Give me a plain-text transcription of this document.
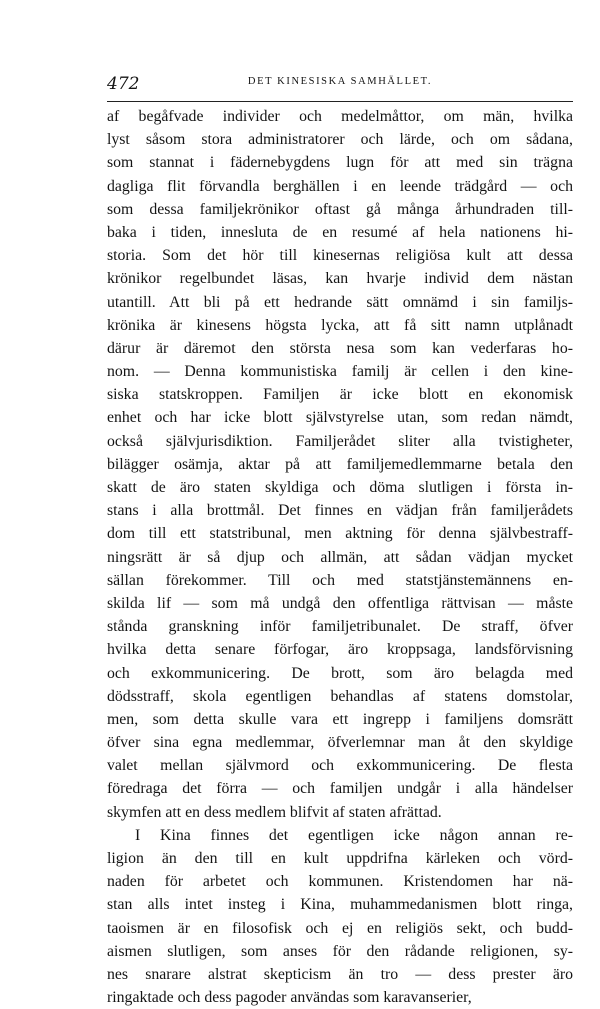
472	DET KINESISKA SAMHÄLLET.
af begåfvade individer och medelmåttor, om män, hvilka
lyst såsom stora administratorer och lärde, och om sådana,
som stannat i fädernebygdens lugn för att med sin trägna
dagliga flit förvandla berghällen i en leende trädgård — och
som dessa familjekrönikor oftast gå många århundraden till-
baka i tiden, inneslutа de en resumé af hela nationens hi-
storia. Som det hör till kinesernas religiösa kult att dessa
krönikor regelbundet läsas, kan hvarje individ dem nästan
utantill. Att bli på ett hedrande sätt omnämd i sin familjs-
krönika är kinesens högsta lycka, att få sitt namn utplånadt
därur är däremot den största nesa som kan vederfaras ho-
nom. — Denna kommunistiska familj är cellen i den kine-
siska statskroppen. Familjen är icke blott en ekonomisk
enhet och har icke blott självstyrelse utan, som redan nämdt,
också självjurisdiktion. Familjerådet sliter alla tvistigheter,
bilägger osämja, aktar på att familjemedlemmarne betala den
skatt de äro staten skyldiga och döma slutligen i första in-
stans i alla brottmål. Det finnes en vädjan från familjerådets
dom till ett statstribunal, men aktning för denna självbestraff-
ningsrätt är så djup och allmän, att sådan vädjan mycket
sällan förekommer. Till och med statstjänstemännens en-
skilda lif — som må undgå den offentliga rättvisan — måste
stånda granskning inför familjetribunalet. De straff, öfver
hvilka detta senare förfogar, äro kroppsaga, landsförvisning
och exkommunicering. De brott, som äro belagda med
dödsstraff, skola egentligen behandlas af statens domstolar,
men, som detta skulle vara ett ingrepp i familjens domsrätt
öfver sina egna medlemmar, öfverlemnar man åt den skyldige
valet mellan självmord och exkommunicering. De flesta
föredraga det förra — och familjen undgår i alla händelser
skymfen att en dess medlem blifvit af staten afrättad.
I Kina finnes det egentligen icke någon annan re-
ligion än den till en kult uppdrifna kärleken och vörd-
naden för arbetet och kommunen. Kristendomen har nä-
stan alls intet insteg i Kina, muhammedanismen blott ringa,
taoismen är en filosofisk och ej en religiös sekt, och budd-
aismen slutligen, som anses för den rådande religionen, sy-
nes snarare alstrat skepticism än tro — dess prester äro
ringaktade och dess pagoder användas som karavanserier,
